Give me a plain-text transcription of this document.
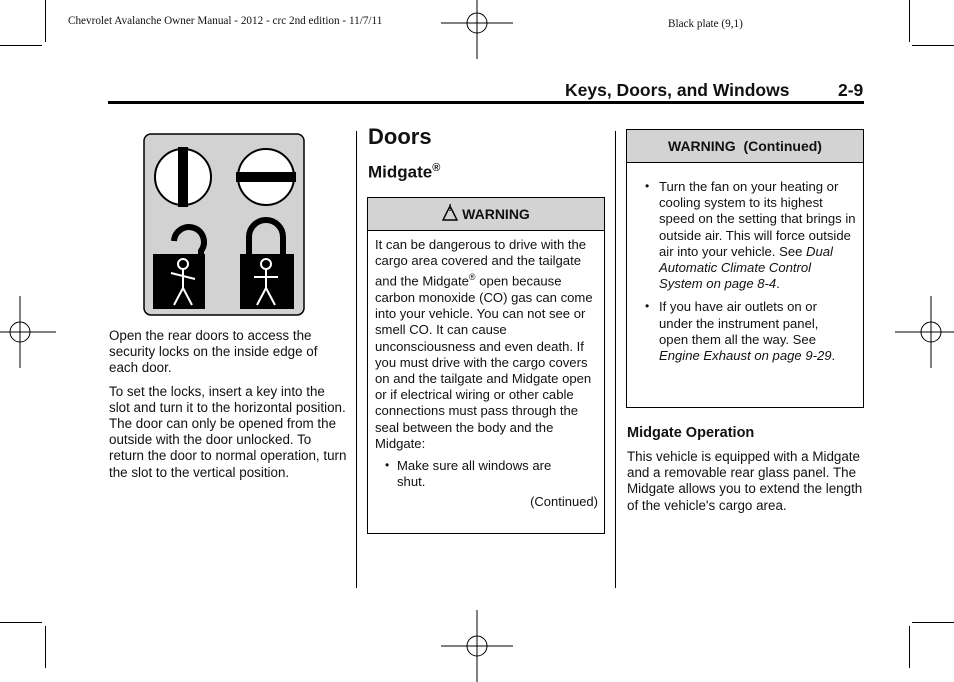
Chevrolet Avalanche Owner Manual - 2012 - crc 2nd edition - 11/7/11	Black plate (9,1)
Keys, Doors, and Windows	2-9

Open the rear doors to access the security locks on the inside edge of each door.

To set the locks, insert a key into the slot and turn it to the horizontal position. The door can only be opened from the outside with the door unlocked. To return the door to normal operation, turn the slot to the vertical position.

Doors
Midgate®
! WARNING

It can be dangerous to drive with the cargo area covered and the tailgate and the Midgate® open because carbon monoxide (CO) gas can come into your vehicle. You can not see or smell CO. It can cause unconsciousness and even death. If you must drive with the cargo covers on and the tailgate and Midgate open or if electrical wiring or other cable connections must pass through the seal between the body and the Midgate:

• Make sure all windows are shut.
(Continued)
WARNING  (Continued)
• Turn the fan on your heating or cooling system to its highest speed on the setting that brings in outside air. This will force outside air into your vehicle. See Dual Automatic Climate Control System on page 8-4.
• If you have air outlets on or under the instrument panel, open them all the way. See Engine Exhaust on page 9-29.
Midgate Operation

This vehicle is equipped with a Midgate and a removable rear glass panel. The Midgate allows you to extend the length of the vehicle's cargo area.
